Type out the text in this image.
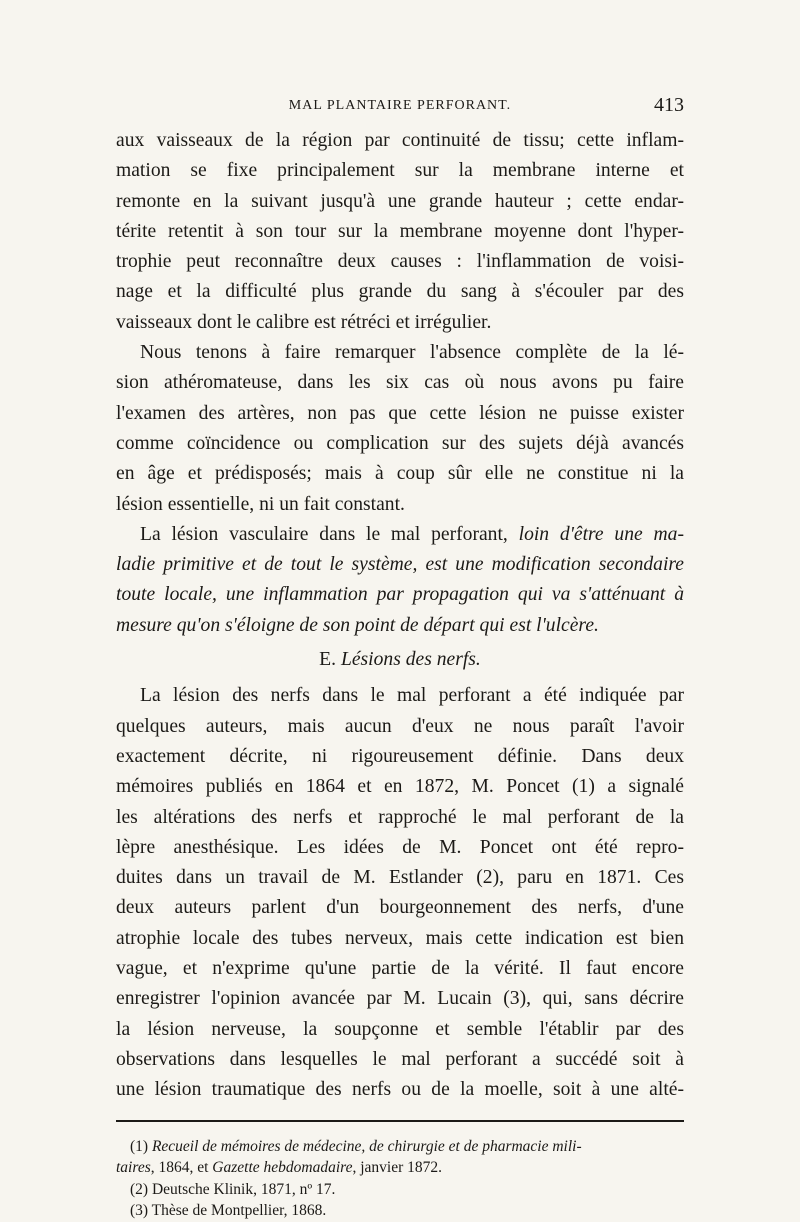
MAL PLANTAIRE PERFORANT.	413

aux vaisseaux de la région par continuité de tissu; cette inflam-
mation se fixe principalement sur la membrane interne et
remonte en la suivant jusqu'à une grande hauteur ; cette endar-
térite retentit à son tour sur la membrane moyenne dont l'hyper-
trophie peut reconnaître deux causes : l'inflammation de voisi-
nage et la difficulté plus grande du sang à s'écouler par des
vaisseaux dont le calibre est rétréci et irrégulier.

Nous tenons à faire remarquer l'absence complète de la lé-
sion athéromateuse, dans les six cas où nous avons pu faire
l'examen des artères, non pas que cette lésion ne puisse exister
comme coïncidence ou complication sur des sujets déjà avancés
en âge et prédisposés; mais à coup sûr elle ne constitue ni la
lésion essentielle, ni un fait constant.

La lésion vasculaire dans le mal perforant, loin d'être une ma-
ladie primitive et de tout le système, est une modification secondaire
toute locale, une inflammation par propagation qui va s'atténuant à
mesure qu'on s'éloigne de son point de départ qui est l'ulcère.

E. Lésions des nerfs.

La lésion des nerfs dans le mal perforant a été indiquée par
quelques auteurs, mais aucun d'eux ne nous paraît l'avoir
exactement décrite, ni rigoureusement définie. Dans deux
mémoires publiés en 1864 et en 1872, M. Poncet (1) a signalé
les altérations des nerfs et rapproché le mal perforant de la
lèpre anesthésique. Les idées de M. Poncet ont été repro-
duites dans un travail de M. Estlander (2), paru en 1871. Ces
deux auteurs parlent d'un bourgeonnement des nerfs, d'une
atrophie locale des tubes nerveux, mais cette indication est bien
vague, et n'exprime qu'une partie de la vérité. Il faut encore
enregistrer l'opinion avancée par M. Lucain (3), qui, sans décrire
la lésion nerveuse, la soupçonne et semble l'établir par des
observations dans lesquelles le mal perforant a succédé soit à
une lésion traumatique des nerfs ou de la moelle, soit à une alté-

(1) Recueil de mémoires de médecine, de chirurgie et de pharmacie mili-
taires, 1864, et Gazette hebdomadaire, janvier 1872.
(2) Deutsche Klinik, 1871, nº 17.
(3) Thèse de Montpellier, 1868.
